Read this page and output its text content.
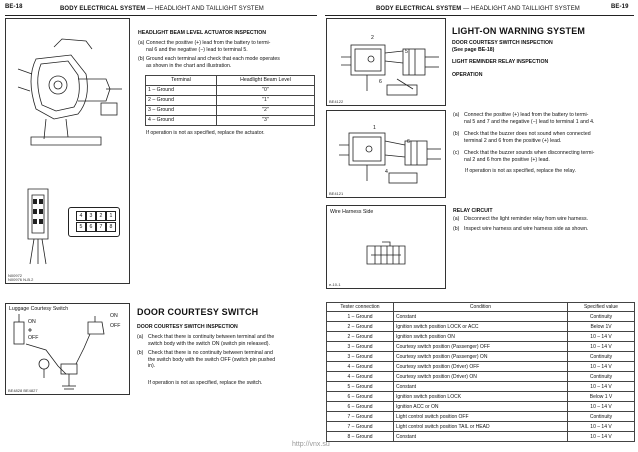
BE-18	BODY ELECTRICAL SYSTEM — HEADLIGHT AND TAILLIGHT SYSTEM
4	3	2	1
5	6	7	8
N00972
N00976 N-B.2
HEADLIGHT BEAM LEVEL ACTUATOR INSPECTION
(a) Connect the positive (+) lead from the battery to termi-
nal 6 and the negative (−) lead to terminal 5.
(b) Ground each terminal and check that each mode operates
as shown in the chart and illustration.
Terminal	Headlight Beam Level
1 – Ground	"0"
2 – Ground	"1"
3 – Ground	"2"
4 – Ground	"3"
If operation is not as specified, replace the actuator.
Luggage Courtesy Switch
ON
OFF
ON
OFF
BE4828 BE4827
DOOR COURTESY SWITCH
DOOR COURTESY SWITCH INSPECTION
(a) Check that there is continuity between terminal and the
switch body with the switch ON (switch pin released).
(b) Check that there is no continuity between terminal and
the switch body with the switch OFF (switch pin pushed
in).
If operation is not as specified, replace the switch.
BODY ELECTRICAL SYSTEM — HEADLIGHT AND TAILLIGHT SYSTEM	BE-19
2
5
6
BE4122
LIGHT-ON WARNING SYSTEM
DOOR COURTESY SWITCH INSPECTION
(See page BE-18)
LIGHT REMINDER RELAY INSPECTION
OPERATION
1
6
4
BE4121
(a) Connect the positive (+) lead from the battery to termi-
nal 5 and 7 and the negative (−) lead to terminal 1 and 4.
(b) Check that the buzzer does not sound when connected
terminal 2 and 6 from the positive (+) lead.
(c) Check that the buzzer sounds when disconnecting termi-
nal 2 and 6 from the positive (+) lead.
If operation is not as specified, replace the relay.
Wire Harness Side
e-10-1
RELAY CIRCUIT
(a) Disconnect the light reminder relay from wire harness.
(b) Inspect wire harness and wire harness side as shown.
Tester connection	Condition	Specified value
1 – Ground	Constant	Continuity
2 – Ground	Ignition switch position LOCK or ACC	Below 1V
2 – Ground	Ignition switch position ON	10 – 14 V
3 – Ground	Courtesy switch position (Passenger) OFF	10 – 14 V
3 – Ground	Courtesy switch position (Passenger) ON	Continuity
4 – Ground	Courtesy switch position (Driver) OFF	10 – 14 V
4 – Ground	Courtesy switch position (Driver) ON	Continuity
5 – Ground	Constant	10 – 14 V
6 – Ground	Ignition switch position LOCK	Below 1 V
6 – Ground	Ignition ACC or ON	10 – 14 V
7 – Ground	Light control switch position OFF	Continuity
7 – Ground	Light control switch position TAIL or HEAD	10 – 14 V
8 – Ground	Constant	10 – 14 V
http://vnx.su
